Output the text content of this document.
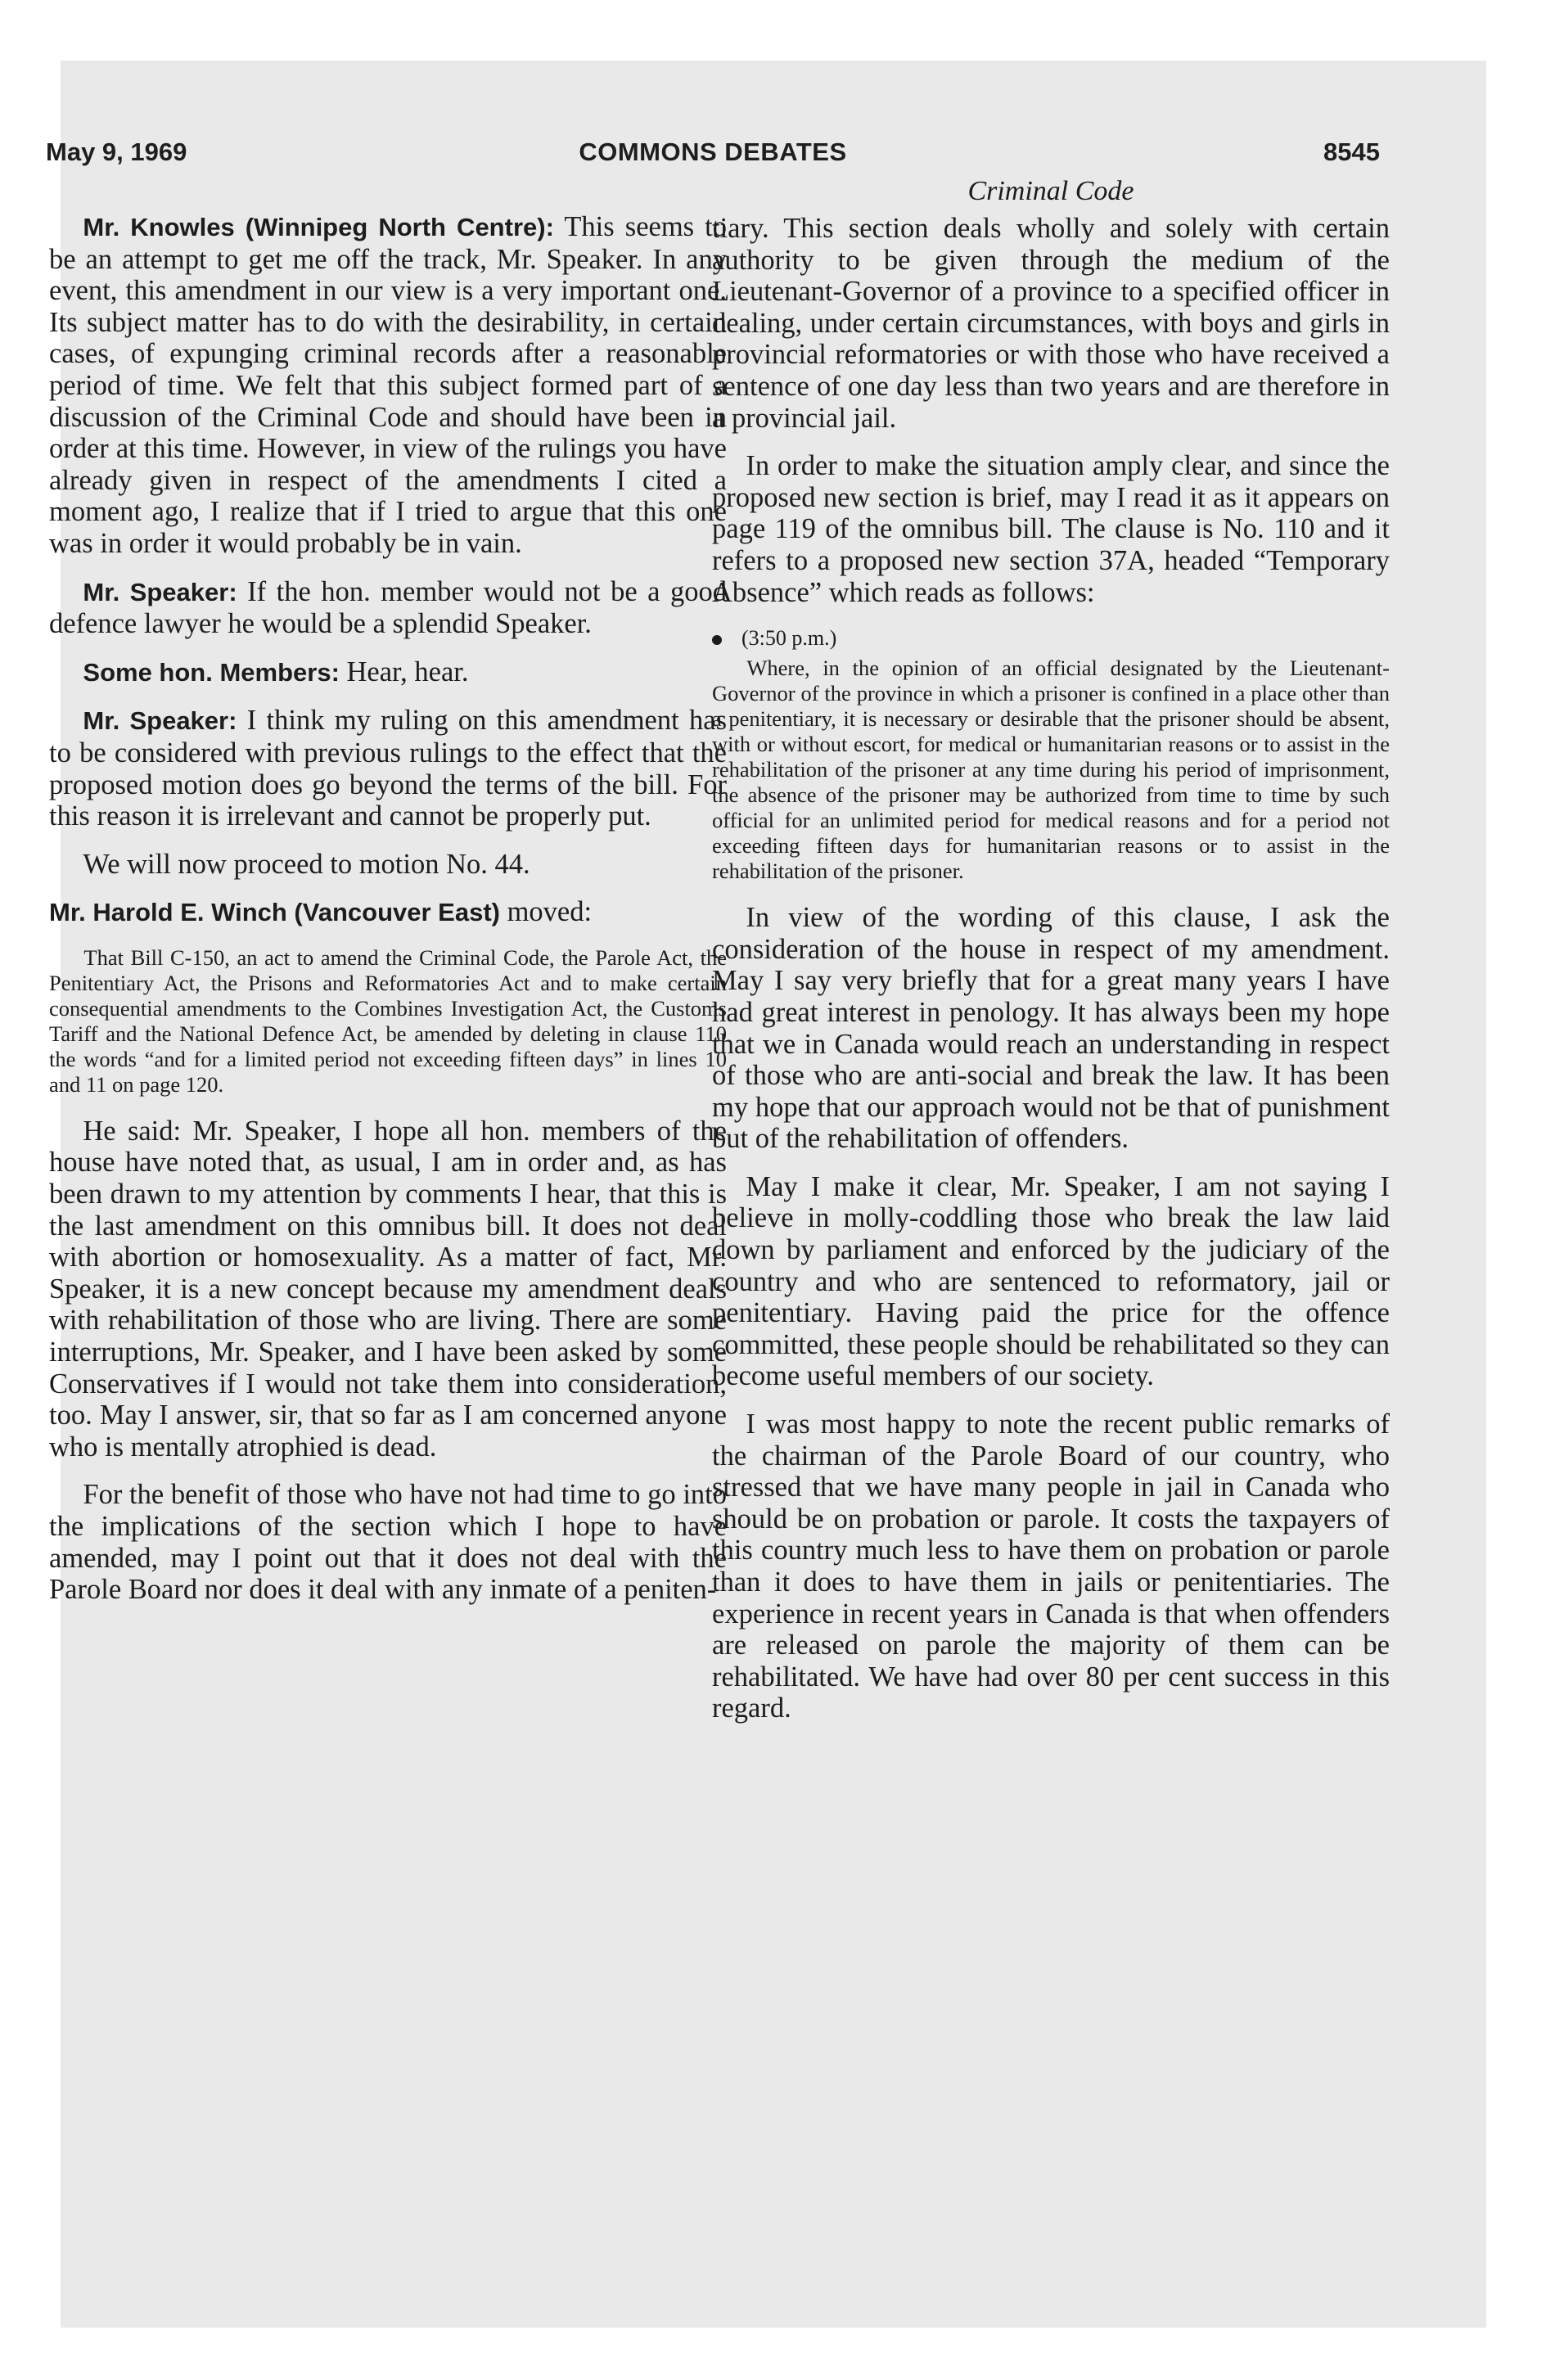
May 9, 1969	COMMONS DEBATES	8545

Mr. Knowles (Winnipeg North Centre): This seems to be an attempt to get me off the track, Mr. Speaker. In any event, this amendment in our view is a very important one. Its subject matter has to do with the desirability, in certain cases, of expunging criminal records after a reasonable period of time. We felt that this subject formed part of a discussion of the Criminal Code and should have been in order at this time. However, in view of the rulings you have already given in respect of the amendments I cited a moment ago, I realize that if I tried to argue that this one was in order it would probably be in vain.

Mr. Speaker: If the hon. member would not be a good defence lawyer he would be a splendid Speaker.

Some hon. Members: Hear, hear.

Mr. Speaker: I think my ruling on this amendment has to be considered with previous rulings to the effect that the proposed motion does go beyond the terms of the bill. For this reason it is irrelevant and cannot be properly put.

We will now proceed to motion No. 44.

Mr. Harold E. Winch (Vancouver East) moved:

That Bill C-150, an act to amend the Criminal Code, the Parole Act, the Penitentiary Act, the Prisons and Reformatories Act and to make certain consequential amendments to the Combines Investigation Act, the Customs Tariff and the National Defence Act, be amended by deleting in clause 110 the words “and for a limited period not exceeding fifteen days” in lines 10 and 11 on page 120.

He said: Mr. Speaker, I hope all hon. members of the house have noted that, as usual, I am in order and, as has been drawn to my attention by comments I hear, that this is the last amendment on this omnibus bill. It does not deal with abortion or homosexuality. As a matter of fact, Mr. Speaker, it is a new concept because my amendment deals with rehabilitation of those who are living. There are some interruptions, Mr. Speaker, and I have been asked by some Conservatives if I would not take them into consideration, too. May I answer, sir, that so far as I am concerned anyone who is mentally atrophied is dead.

For the benefit of those who have not had time to go into the implications of the section which I hope to have amended, may I point out that it does not deal with the Parole Board nor does it deal with any inmate of a peniten-

Criminal Code

tiary. This section deals wholly and solely with certain authority to be given through the medium of the Lieutenant-Governor of a province to a specified officer in dealing, under certain circumstances, with boys and girls in provincial reformatories or with those who have received a sentence of one day less than two years and are therefore in a provincial jail.

In order to make the situation amply clear, and since the proposed new section is brief, may I read it as it appears on page 119 of the omnibus bill. The clause is No. 110 and it refers to a proposed new section 37A, headed “Temporary Absence” which reads as follows:

(3:50 p.m.)
Where, in the opinion of an official designated by the Lieutenant-Governor of the province in which a prisoner is confined in a place other than a penitentiary, it is necessary or desirable that the prisoner should be absent, with or without escort, for medical or humanitarian reasons or to assist in the rehabilitation of the prisoner at any time during his period of imprisonment, the absence of the prisoner may be authorized from time to time by such official for an unlimited period for medical reasons and for a period not exceeding fifteen days for humanitarian reasons or to assist in the rehabilitation of the prisoner.

In view of the wording of this clause, I ask the consideration of the house in respect of my amendment. May I say very briefly that for a great many years I have had great interest in penology. It has always been my hope that we in Canada would reach an understanding in respect of those who are anti-social and break the law. It has been my hope that our approach would not be that of punishment but of the rehabilitation of offenders.

May I make it clear, Mr. Speaker, I am not saying I believe in molly-coddling those who break the law laid down by parliament and enforced by the judiciary of the country and who are sentenced to reformatory, jail or penitentiary. Having paid the price for the offence committed, these people should be rehabilitated so they can become useful members of our society.

I was most happy to note the recent public remarks of the chairman of the Parole Board of our country, who stressed that we have many people in jail in Canada who should be on probation or parole. It costs the taxpayers of this country much less to have them on probation or parole than it does to have them in jails or penitentiaries. The experience in recent years in Canada is that when offenders are released on parole the majority of them can be rehabilitated. We have had over 80 per cent success in this regard.
